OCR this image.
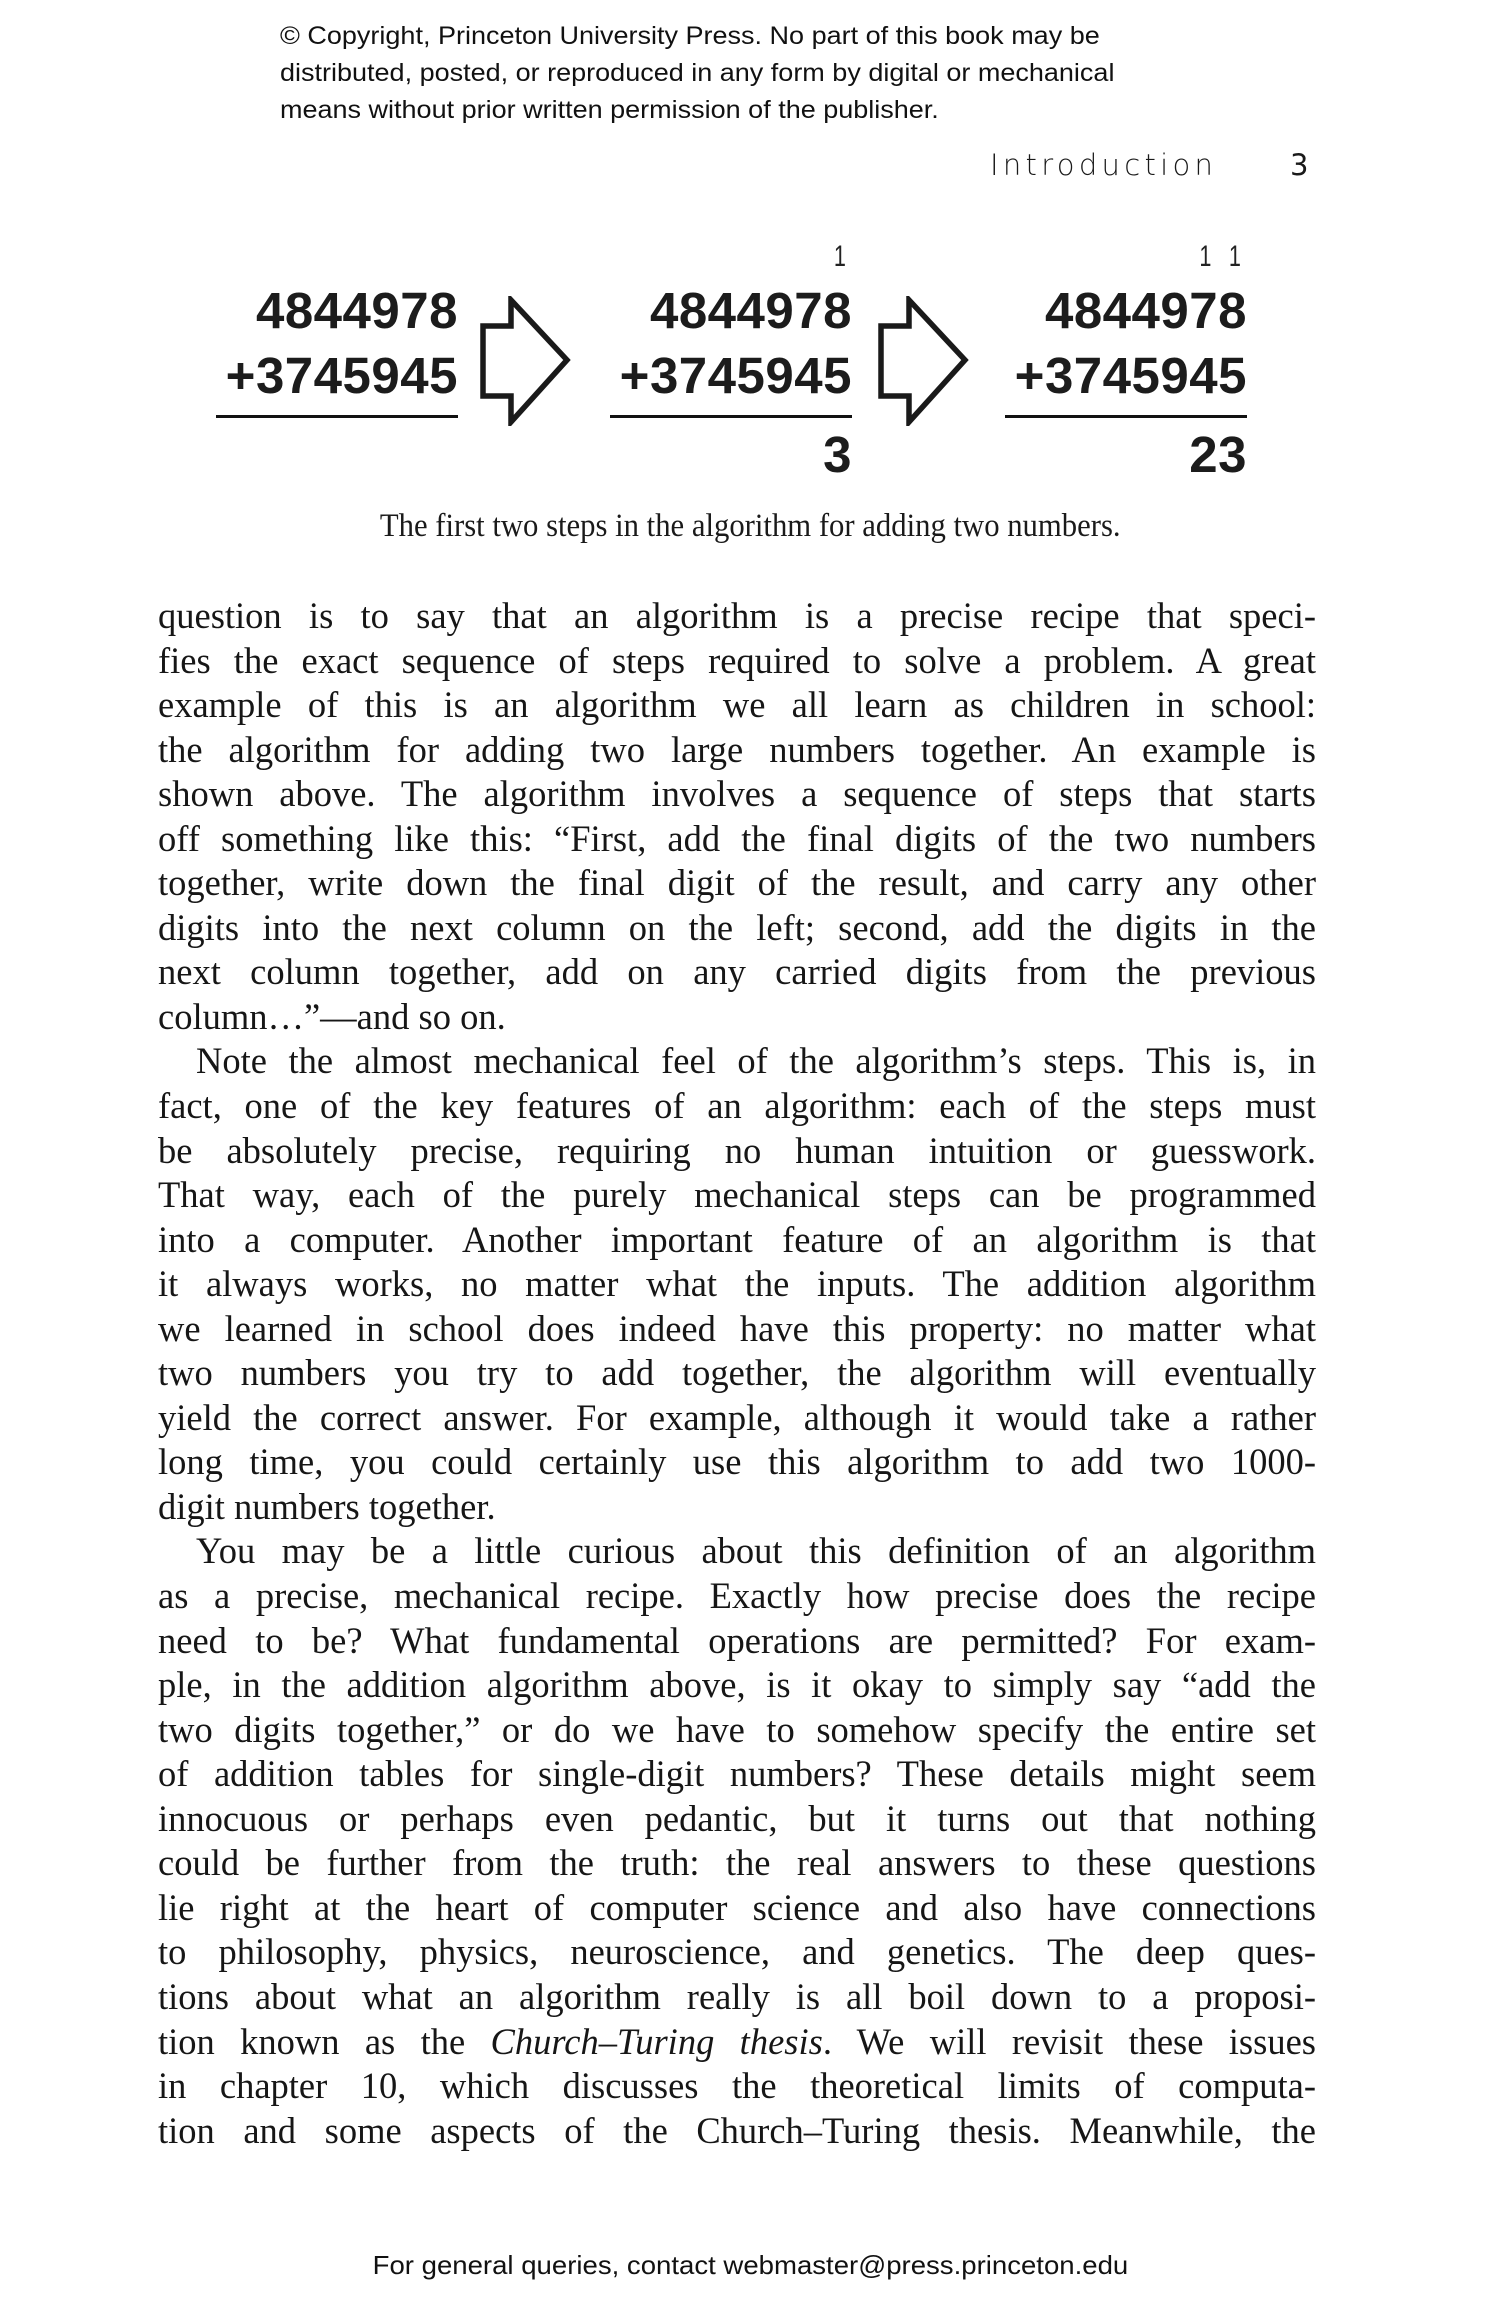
© Copyright, Princeton University Press. No part of this book may be
distributed, posted, or reproduced in any form by digital or mechanical
means without prior written permission of the publisher.
Introduction	3
4844978
+3745945
1
4844978
+3745945
3
1 1
4844978
+3745945
23
The first two steps in the algorithm for adding two numbers.
question is to say that an algorithm is a precise recipe that speci-
fies the exact sequence of steps required to solve a problem. A great
example of this is an algorithm we all learn as children in school:
the algorithm for adding two large numbers together. An example is
shown above. The algorithm involves a sequence of steps that starts
off something like this: “First, add the final digits of the two numbers
together, write down the final digit of the result, and carry any other
digits into the next column on the left; second, add the digits in the
next column together, add on any carried digits from the previous
column…”—and so on.
Note the almost mechanical feel of the algorithm’s steps. This is, in
fact, one of the key features of an algorithm: each of the steps must
be absolutely precise, requiring no human intuition or guesswork.
That way, each of the purely mechanical steps can be programmed
into a computer. Another important feature of an algorithm is that
it always works, no matter what the inputs. The addition algorithm
we learned in school does indeed have this property: no matter what
two numbers you try to add together, the algorithm will eventually
yield the correct answer. For example, although it would take a rather
long time, you could certainly use this algorithm to add two 1000-
digit numbers together.
You may be a little curious about this definition of an algorithm
as a precise, mechanical recipe. Exactly how precise does the recipe
need to be? What fundamental operations are permitted? For exam-
ple, in the addition algorithm above, is it okay to simply say “add the
two digits together,” or do we have to somehow specify the entire set
of addition tables for single-digit numbers? These details might seem
innocuous or perhaps even pedantic, but it turns out that nothing
could be further from the truth: the real answers to these questions
lie right at the heart of computer science and also have connections
to philosophy, physics, neuroscience, and genetics. The deep ques-
tions about what an algorithm really is all boil down to a proposi-
tion known as the Church–Turing thesis. We will revisit these issues
in chapter 10, which discusses the theoretical limits of computa-
tion and some aspects of the Church–Turing thesis. Meanwhile, the
For general queries, contact webmaster@press.princeton.edu
